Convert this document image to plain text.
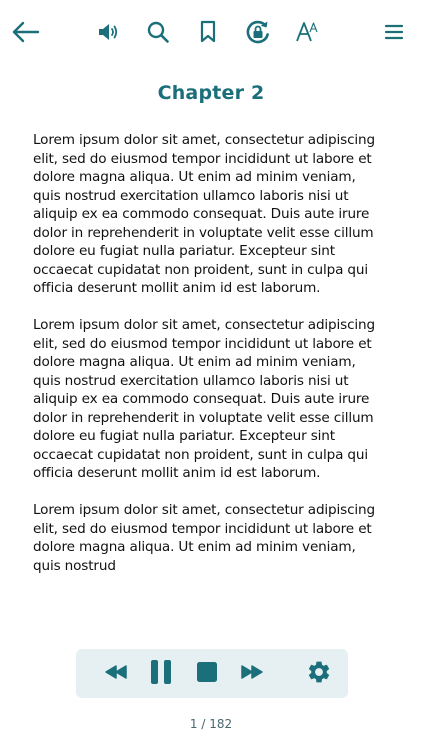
Chapter 2

Lorem ipsum dolor sit amet, consectetur adipiscing elit, sed do eiusmod tempor incididunt ut labore et dolore magna aliqua. Ut enim ad minim veniam, quis nostrud exercitation ullamco laboris nisi ut aliquip ex ea commodo consequat. Duis aute irure dolor in reprehenderit in voluptate velit esse cillum dolore eu fugiat nulla pariatur. Excepteur sint occaecat cupidatat non proident, sunt in culpa qui officia deserunt mollit anim id est laborum.

Lorem ipsum dolor sit amet, consectetur adipiscing elit, sed do eiusmod tempor incididunt ut labore et dolore magna aliqua. Ut enim ad minim veniam, quis nostrud exercitation ullamco laboris nisi ut aliquip ex ea commodo consequat. Duis aute irure dolor in reprehenderit in voluptate velit esse cillum dolore eu fugiat nulla pariatur. Excepteur sint occaecat cupidatat non proident, sunt in culpa qui officia deserunt mollit anim id est laborum.

Lorem ipsum dolor sit amet, consectetur adipiscing elit, sed do eiusmod tempor incididunt ut labore et dolore magna aliqua. Ut enim ad minim veniam, quis nostrud

1 / 182
